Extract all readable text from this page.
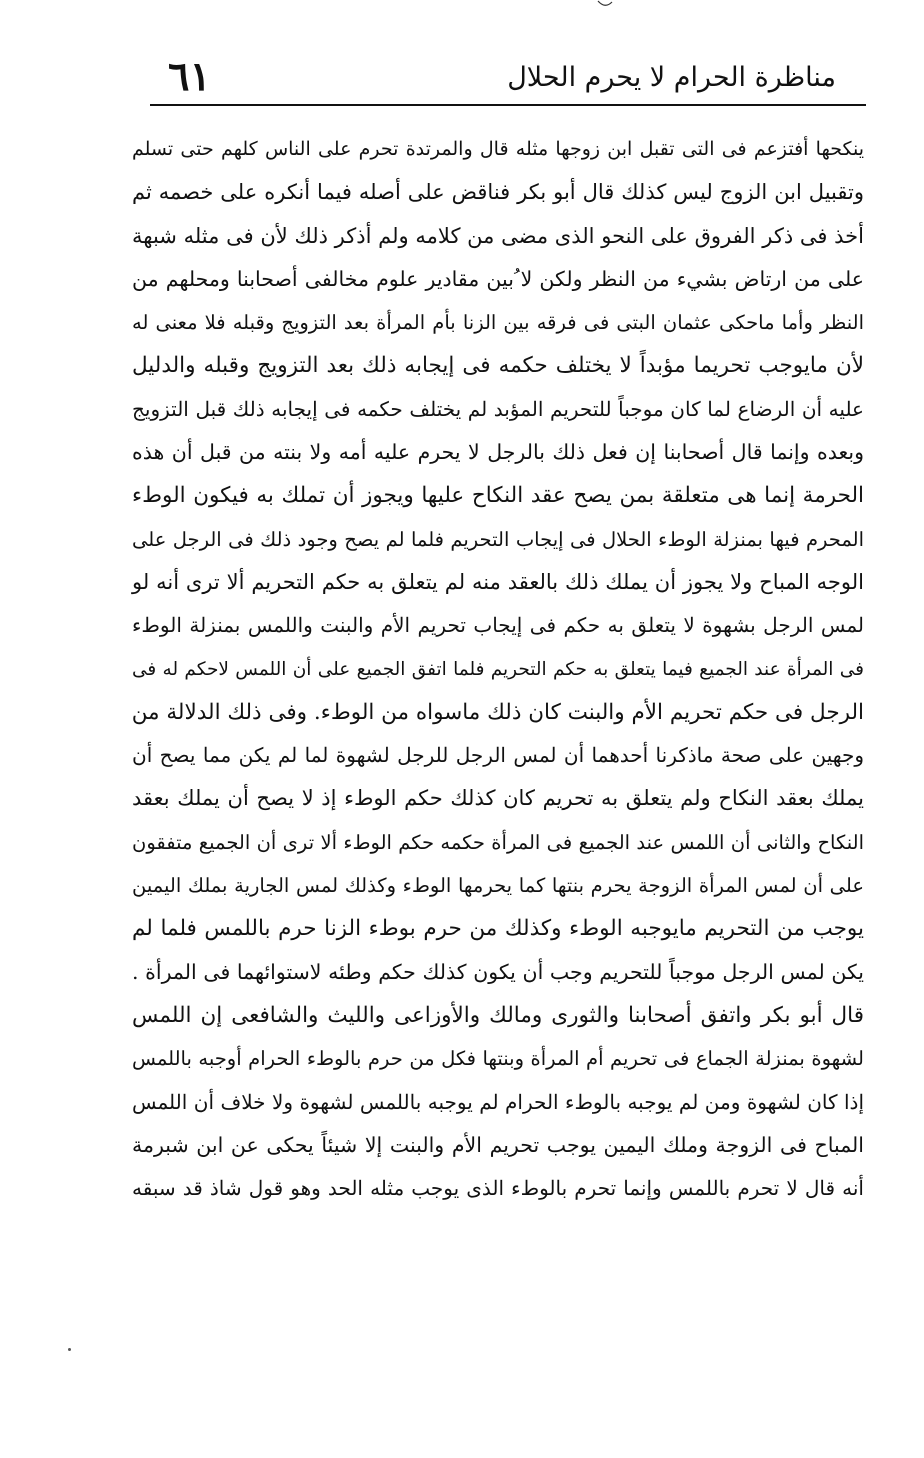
مناظرة الحرام لا يحرم الحلال
٦١
ينكحها أفتزعم فى التى تقبل ابن زوجها مثله قال والمرتدة تحرم على الناس كلهم حتى تسلم
وتقبيل ابن الزوج ليس كذلك قال أبو بكر فناقض على أصله فيما أنكره على خصمه ثم
أخذ فى ذكر الفروق على النحو الذى مضى من كلامه ولم أذكر ذلك لأن فى مثله شبهة
على من ارتاض بشيء من النظر ولكن لا ُبين مقادير علوم مخالفى أصحابنا ومحلهم من
النظر وأما ماحكى عثمان البتى فى فرقه بين الزنا بأم المرأة بعد التزويج وقبله فلا معنى له
لأن مايوجب تحريما مؤبداً لا يختلف حكمه فى إيجابه ذلك بعد التزويج وقبله والدليل
عليه أن الرضاع لما كان موجباً للتحريم المؤبد لم يختلف حكمه فى إيجابه ذلك قبل التزويج
وبعده وإنما قال أصحابنا إن فعل ذلك بالرجل لا يحرم عليه أمه ولا بنته من قبل أن هذه
الحرمة إنما هى متعلقة بمن يصح عقد النكاح عليها ويجوز أن تملك به فيكون الوطء
المحرم فيها بمنزلة الوطء الحلال فى إيجاب التحريم فلما لم يصح وجود ذلك فى الرجل على
الوجه المباح ولا يجوز أن يملك ذلك بالعقد منه لم يتعلق به حكم التحريم ألا ترى أنه لو
لمس الرجل بشهوة لا يتعلق به حكم فى إيجاب تحريم الأم والبنت واللمس بمنزلة الوطء
فى المرأة عند الجميع فيما يتعلق به حكم التحريم فلما اتفق الجميع على أن اللمس لاحكم له فى
الرجل فى حكم تحريم الأم والبنت كان ذلك ماسواه من الوطء. وفى ذلك الدلالة من
وجهين على صحة ماذكرنا أحدهما أن لمس الرجل للرجل لشهوة لما لم يكن مما يصح أن
يملك بعقد النكاح ولم يتعلق به تحريم كان كذلك حكم الوطء إذ لا يصح أن يملك بعقد
النكاح والثانى أن اللمس عند الجميع فى المرأة حكمه حكم الوطء ألا ترى أن الجميع متفقون
على أن لمس المرأة الزوجة يحرم بنتها كما يحرمها الوطء وكذلك لمس الجارية بملك اليمين
يوجب من التحريم مايوجبه الوطء وكذلك من حرم بوطء الزنا حرم باللمس فلما لم
يكن لمس الرجل موجباً للتحريم وجب أن يكون كذلك حكم وطئه لاستوائهما فى المرأة .
قال أبو بكر واتفق أصحابنا والثورى ومالك والأوزاعى والليث والشافعى إن اللمس
لشهوة بمنزلة الجماع فى تحريم أم المرأة وبنتها فكل من حرم بالوطء الحرام أوجبه باللمس
إذا كان لشهوة ومن لم يوجبه بالوطء الحرام لم يوجبه باللمس لشهوة ولا خلاف أن اللمس
المباح فى الزوجة وملك اليمين يوجب تحريم الأم والبنت إلا شيئاً يحكى عن ابن شبرمة
أنه قال لا تحرم باللمس وإنما تحرم بالوطء الذى يوجب مثله الحد وهو قول شاذ قد سبقه
